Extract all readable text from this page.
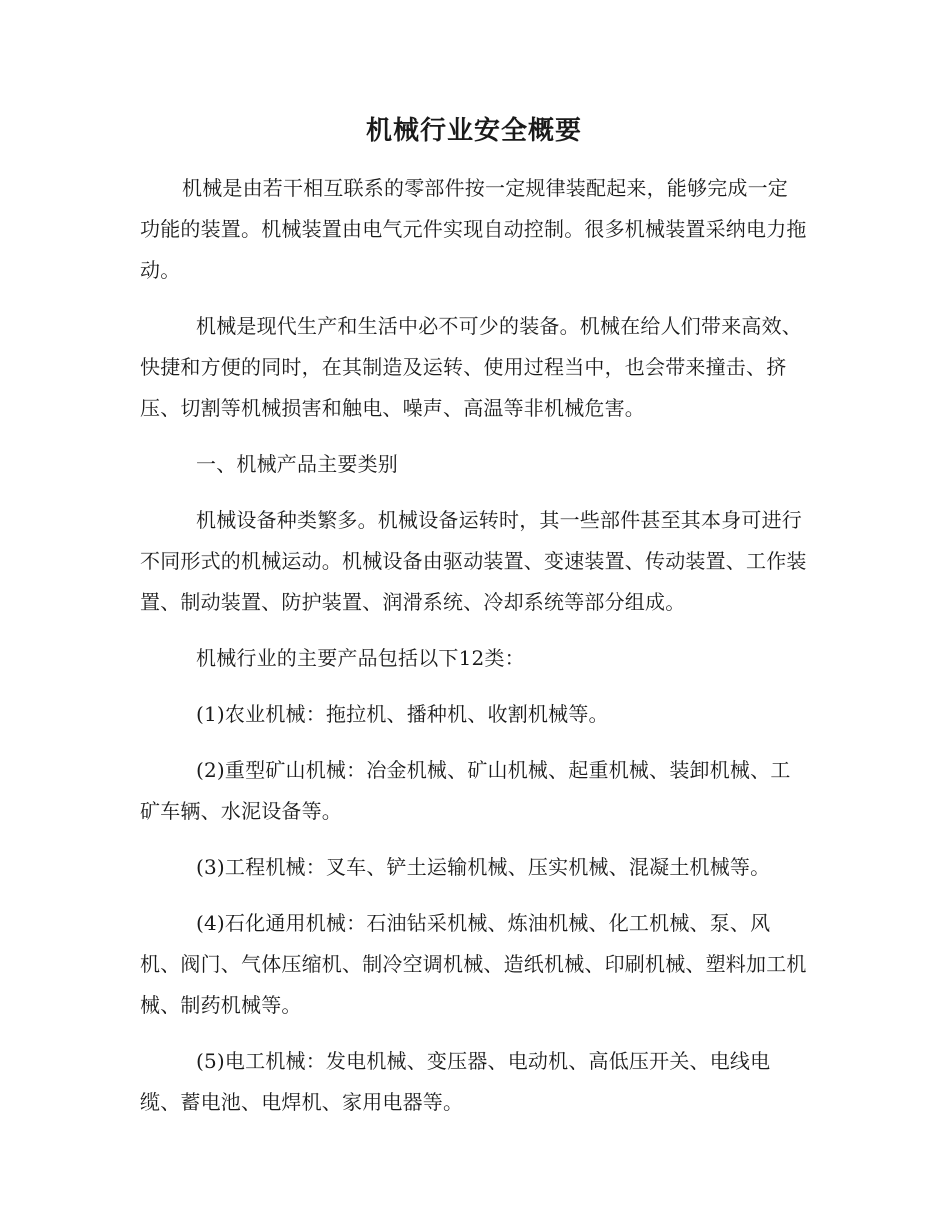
机械行业安全概要

机械是由若干相互联系的零部件按一定规律装配起来，能够完成一定功能的装置。机械装置由电气元件实现自动控制。很多机械装置采纳电力拖动。

机械是现代生产和生活中必不可少的装备。机械在给人们带来高效、快捷和方便的同时，在其制造及运转、使用过程当中，也会带来撞击、挤压、切割等机械损害和触电、噪声、高温等非机械危害。

一、机械产品主要类别

机械设备种类繁多。机械设备运转时，其一些部件甚至其本身可进行不同形式的机械运动。机械设备由驱动装置、变速装置、传动装置、工作装置、制动装置、防护装置、润滑系统、冷却系统等部分组成。

机械行业的主要产品包括以下12类：

(1)农业机械：拖拉机、播种机、收割机械等。

(2)重型矿山机械：冶金机械、矿山机械、起重机械、装卸机械、工矿车辆、水泥设备等。

(3)工程机械：叉车、铲土运输机械、压实机械、混凝土机械等。

(4)石化通用机械：石油钻采机械、炼油机械、化工机械、泵、风机、阀门、气体压缩机、制冷空调机械、造纸机械、印刷机械、塑料加工机械、制药机械等。

(5)电工机械：发电机械、变压器、电动机、高低压开关、电线电缆、蓄电池、电焊机、家用电器等。
